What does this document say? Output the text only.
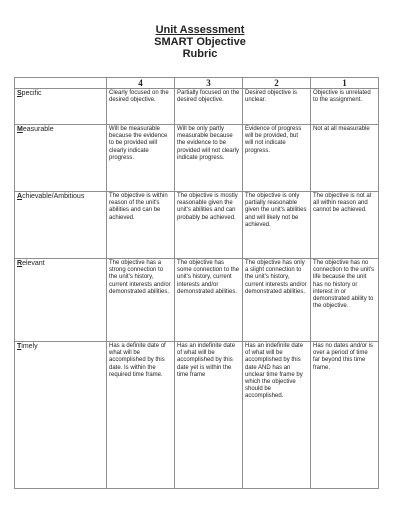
Unit Assessment
SMART Objective
Rubric
	4	3	2	1
Specific	Clearly focused on the desired objective.	Partially focused on the desired objective.	Desired objective is unclear.	Objective is unrelated to the assignment.
Measurable	Will be measurable because the evidence to be provided will clearly indicate progress.	Will be only partly measurable because the evidence to be provided will not clearly indicate progress.	Evidence of progress will be provided, but will not indicate progress.	Not at all measurable
Achievable/Ambitious	The objective is within reason of the unit's abilities and can be achieved.	The objective is mostly reasonable given the unit's abilities and can probably be achieved.	The objective is only partially reasonable given the unit's abilities and will likely not be achieved.	The objective is not at all within reason and cannot be achieved.
Relevant	The objective has a strong connection to the unit's history, current interests and/or demonstrated abilities.	The objective has some connection to the unit's history, current interests and/or demonstrated abilities.	The objective has only a slight connection to the unit's history, current interests and/or demonstrated abilities.	The objective has no connection to the unit's life because the unit has no history or interest in or demonstrated ability to the objective.
Timely	Has a definite date of what will be accomplished by this date. Is within the required time frame.	Has an indefinite date of what will be accomplished by this date yet is within the time frame	Has an indefinite date of what will be accomplished by this date AND has an unclear time frame by which the objective should be accomplished.	Has no dates and/or is over a period of time far beyond this time frame.
